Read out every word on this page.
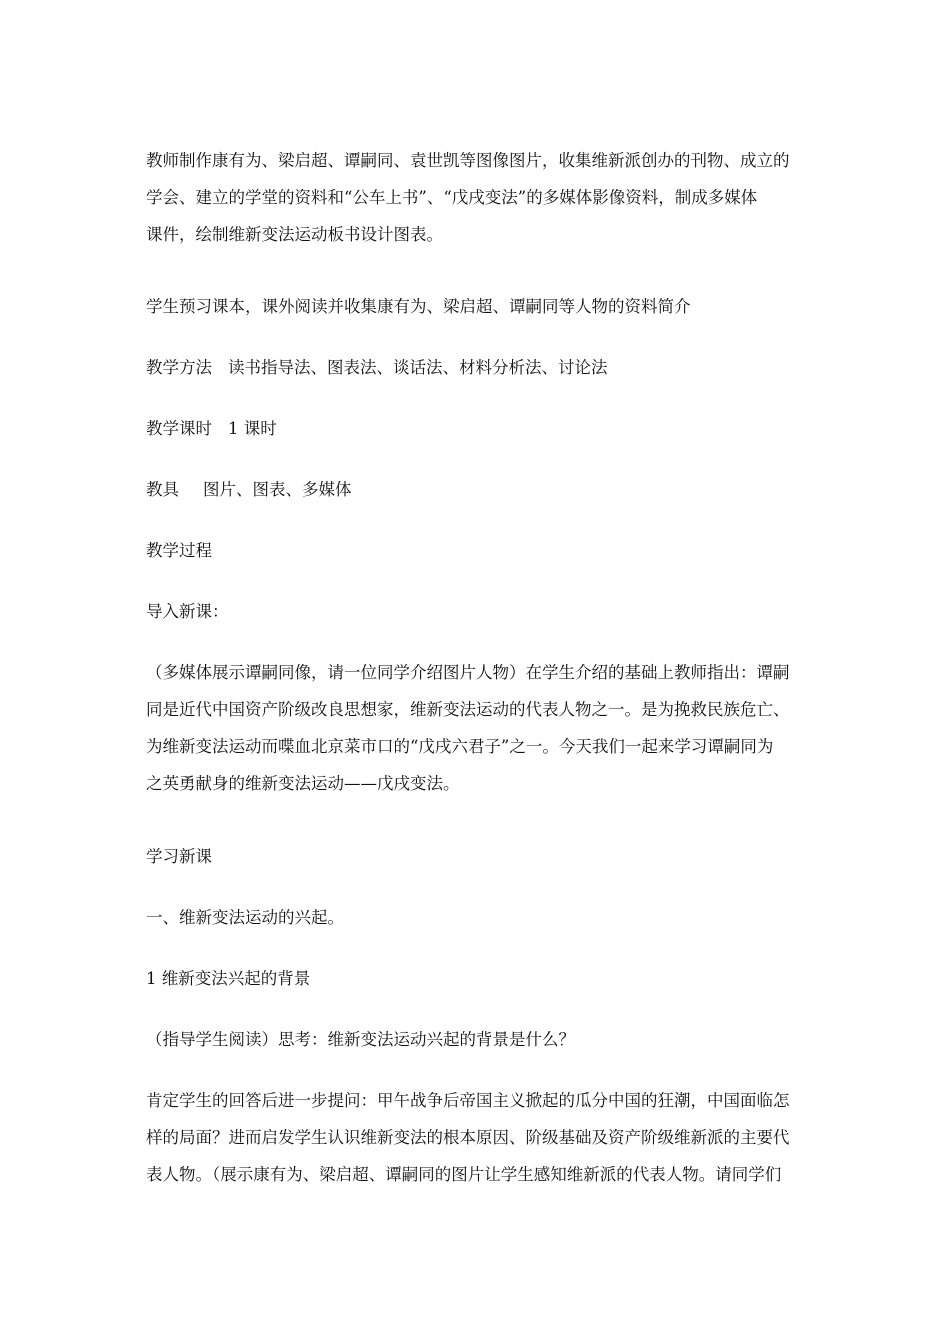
教师制作康有为、梁启超、谭嗣同、袁世凯等图像图片，收集维新派创办的刊物、成立的
学会、建立的学堂的资料和“公车上书”、“戊戌变法”的多媒体影像资料，制成多媒体
课件，绘制维新变法运动板书设计图表。

学生预习课本，课外阅读并收集康有为、梁启超、谭嗣同等人物的资料简介

教学方法 读书指导法、图表法、谈话法、材料分析法、讨论法

教学课时 1 课时

教具 图片、图表、多媒体

教学过程

导入新课：

（多媒体展示谭嗣同像，请一位同学介绍图片人物）在学生介绍的基础上教师指出：谭嗣
同是近代中国资产阶级改良思想家，维新变法运动的代表人物之一。是为挽救民族危亡、
为维新变法运动而喋血北京菜市口的“戊戌六君子”之一。今天我们一起来学习谭嗣同为
之英勇献身的维新变法运动——戊戌变法。

学习新课

一、维新变法运动的兴起。

1 维新变法兴起的背景

（指导学生阅读）思考：维新变法运动兴起的背景是什么？

肯定学生的回答后进一步提问：甲午战争后帝国主义掀起的瓜分中国的狂潮，中国面临怎
样的局面？进而启发学生认识维新变法的根本原因、阶级基础及资产阶级维新派的主要代
表人物。（展示康有为、梁启超、谭嗣同的图片让学生感知维新派的代表人物。请同学们
